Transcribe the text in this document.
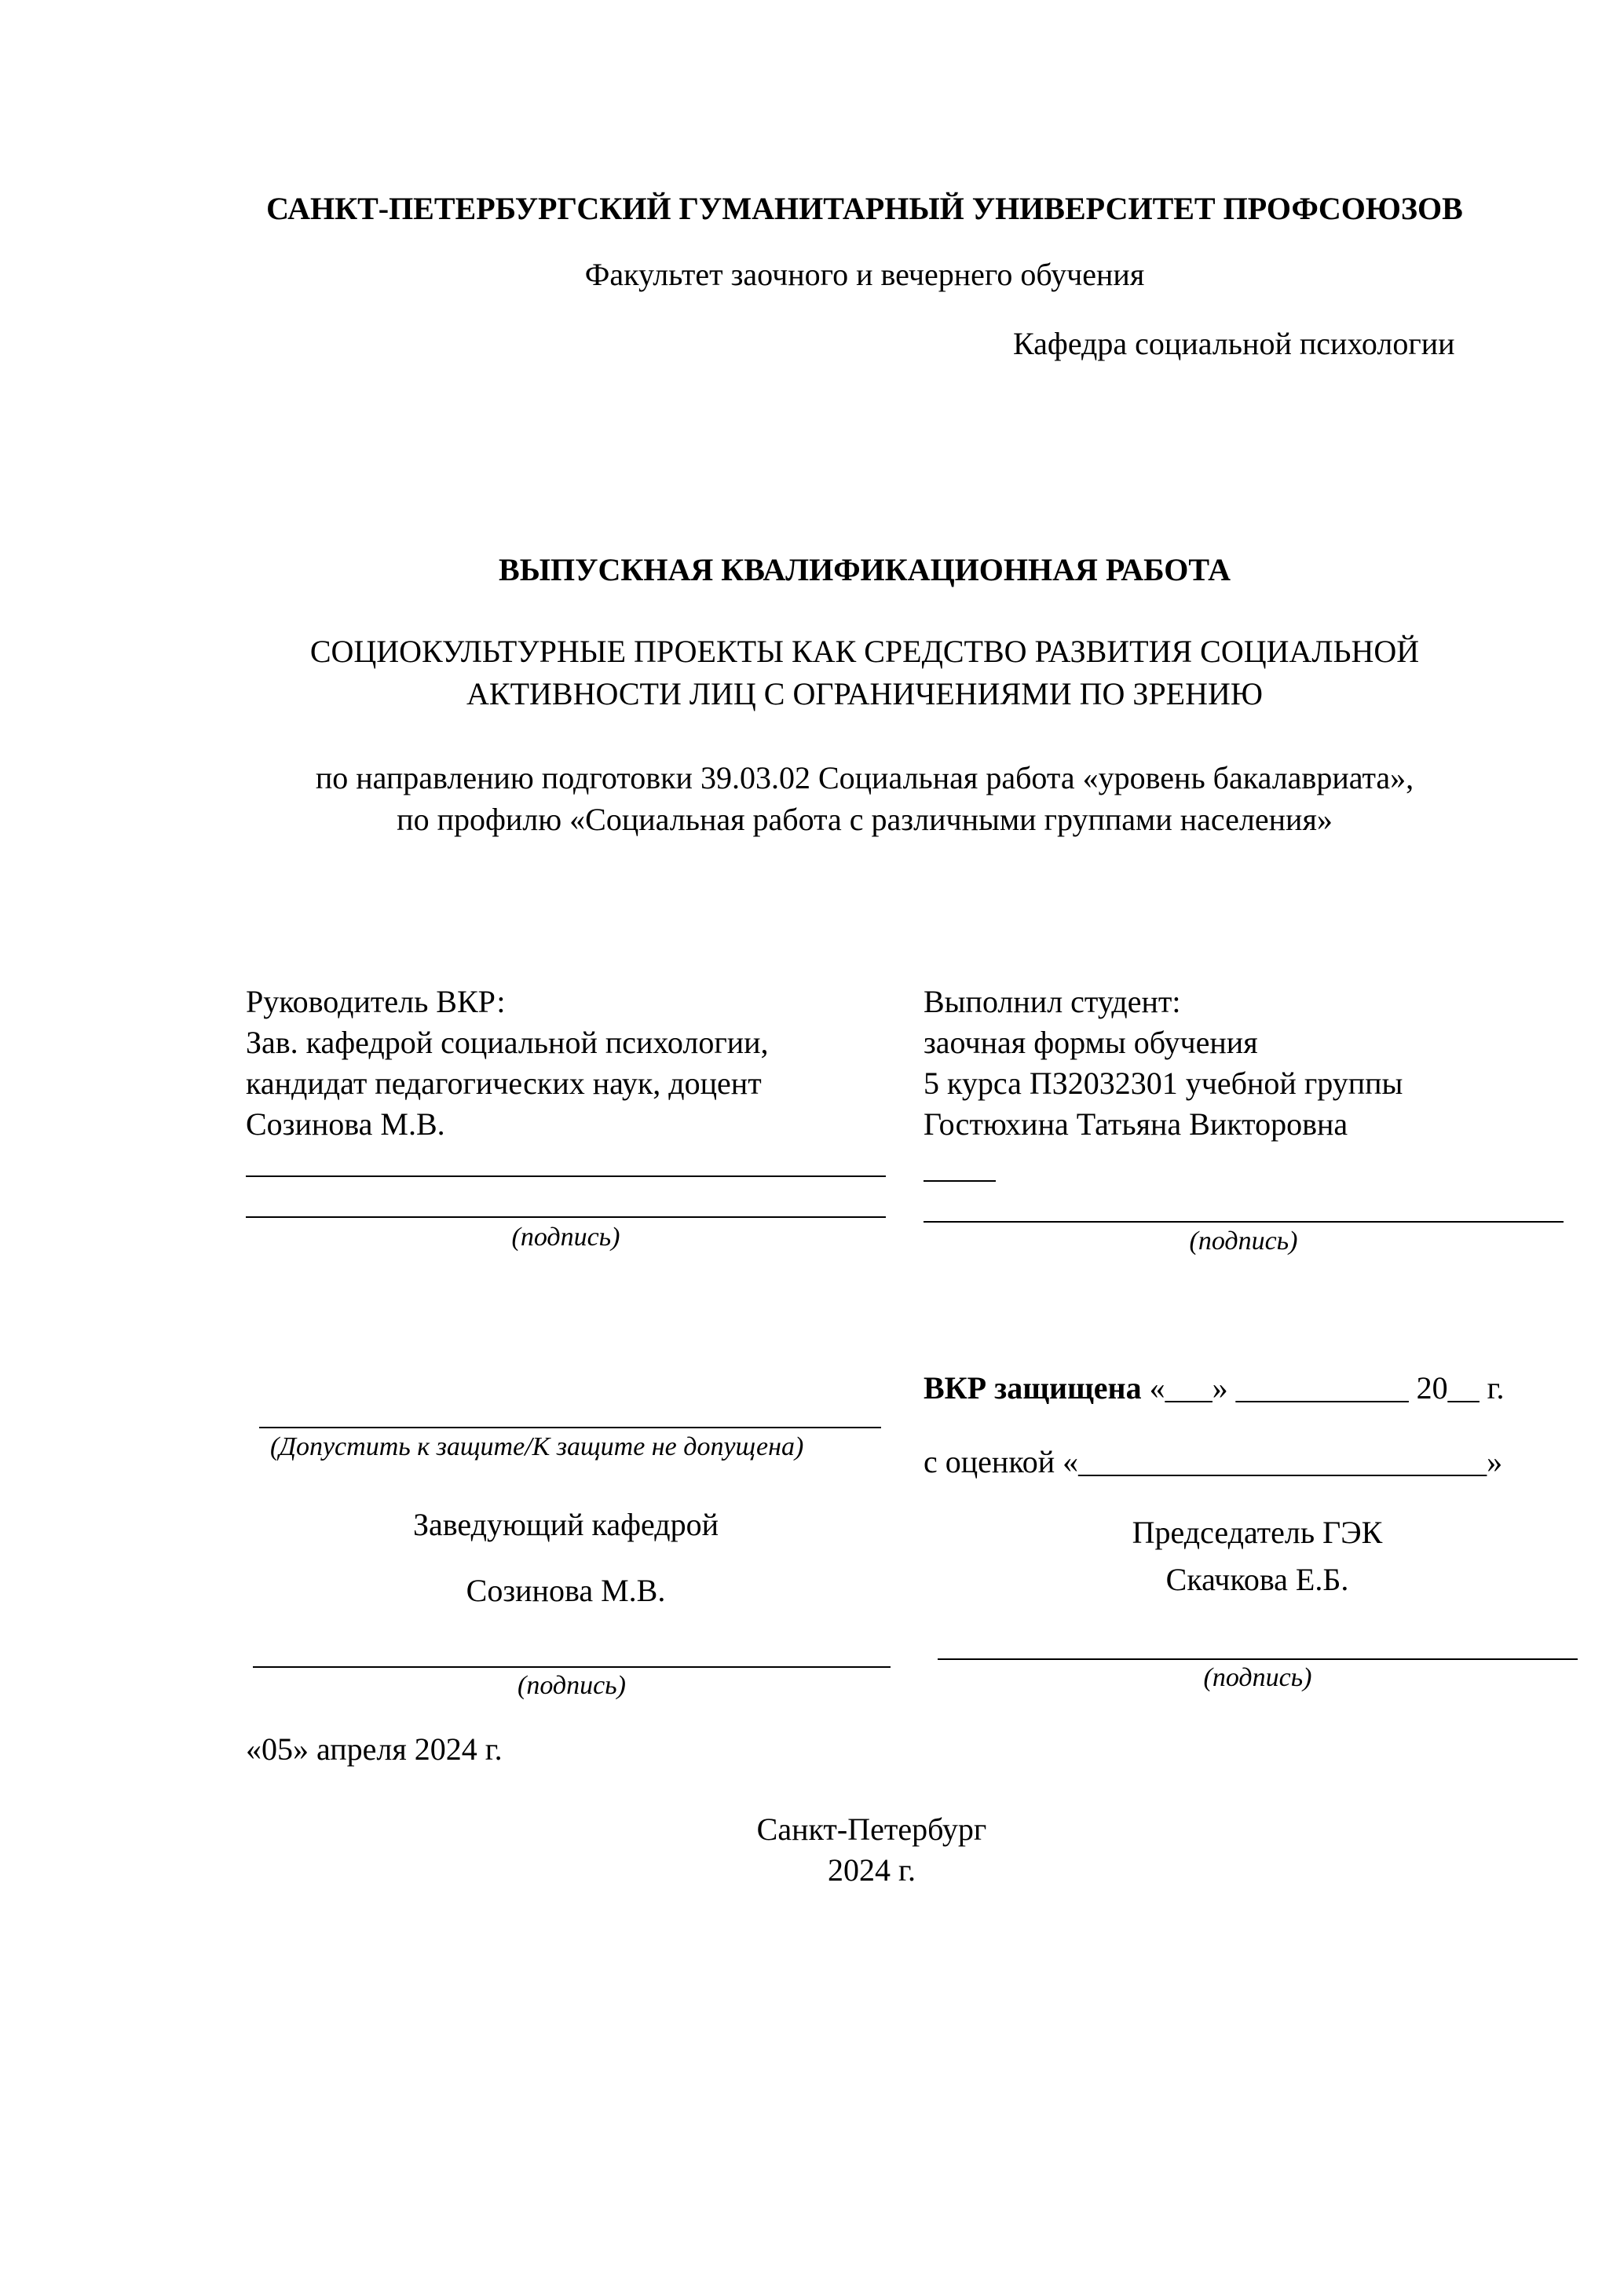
САНКТ-ПЕТЕРБУРГСКИЙ ГУМАНИТАРНЫЙ УНИВЕРСИТЕТ ПРОФСОЮЗОВ
Факультет заочного и вечернего обучения
Кафедра социальной психологии
ВЫПУСКНАЯ КВАЛИФИКАЦИОННАЯ РАБОТА
СОЦИОКУЛЬТУРНЫЕ ПРОЕКТЫ КАК СРЕДСТВО РАЗВИТИЯ СОЦИАЛЬНОЙ
АКТИВНОСТИ ЛИЦ С ОГРАНИЧЕНИЯМИ ПО ЗРЕНИЮ
по направлению подготовки 39.03.02 Социальная работа «уровень бакалавриата»,
по профилю «Социальная работа с различными группами населения»
Руководитель ВКР:
Зав. кафедрой социальной психологии,
кандидат педагогических наук, доцент
Созинова М.В.
(подпись)
Выполнил студент:
заочная формы обучения
5 курса ПЗ2032301 учебной группы
Гостюхина Татьяна Викторовна
(подпись)
(Допустить к защите/К защите не допущена)
Заведующий кафедрой
Созинова М.В.
(подпись)
«05» апреля 2024 г.
ВКР защищена «___» ___________ 20__ г.
с оценкой «__________________________»
Председатель ГЭК
Скачкова Е.Б.
(подпись)
Санкт-Петербург
2024 г.
